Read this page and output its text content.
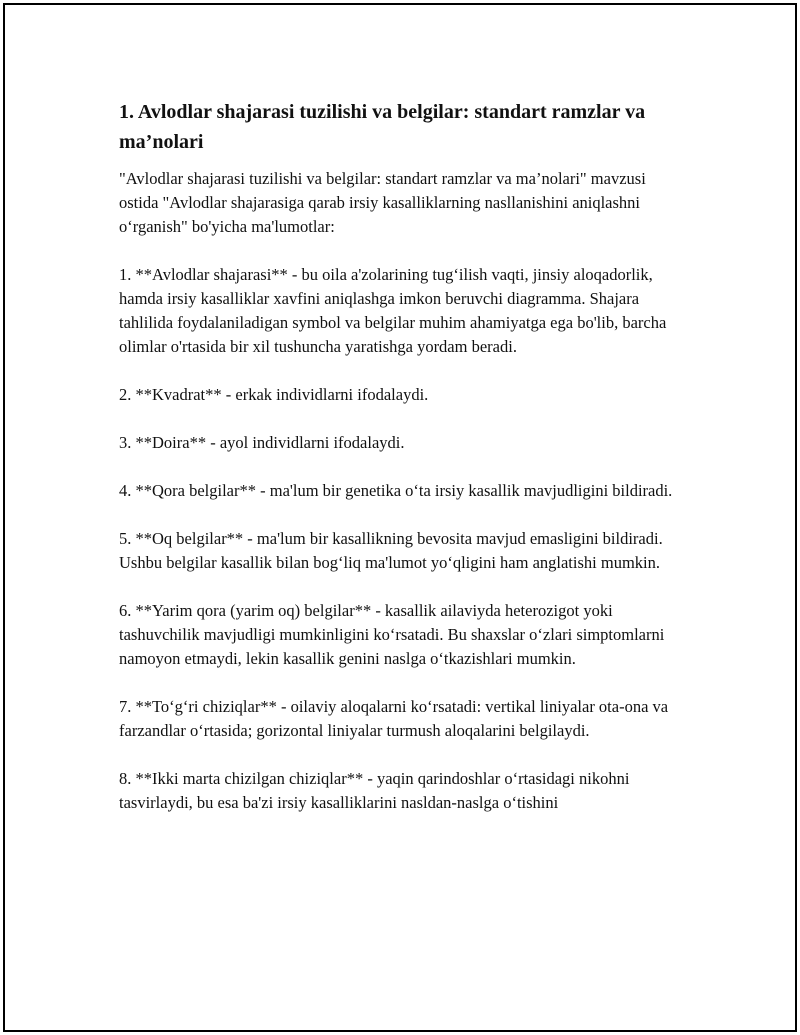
1. Avlodlar shajarasi tuzilishi va belgilar: standart ramzlar va ma’nolari

"Avlodlar shajarasi tuzilishi va belgilar: standart ramzlar va ma’nolari" mavzusi ostida "Avlodlar shajarasiga qarab irsiy kasalliklarning nasllanishini aniqlashni o‘rganish" bo'yicha ma'lumotlar:

1. **Avlodlar shajarasi** - bu oila a'zolarining tug‘ilish vaqti, jinsiy aloqadorlik, hamda irsiy kasalliklar xavfini aniqlashga imkon beruvchi diagramma. Shajara tahlilida foydalaniladigan symbol va belgilar muhim ahamiyatga ega bo'lib, barcha olimlar o'rtasida bir xil tushuncha yaratishga yordam beradi.

2. **Kvadrat** - erkak individlarni ifodalaydi.

3. **Doira** - ayol individlarni ifodalaydi.

4. **Qora belgilar** - ma'lum bir genetika o‘ta irsiy kasallik mavjudligini bildiradi.

5. **Oq belgilar** - ma'lum bir kasallikning bevosita mavjud emasligini bildiradi. Ushbu belgilar kasallik bilan bog‘liq ma'lumot yo‘qligini ham anglatishi mumkin.

6. **Yarim qora (yarim oq) belgilar** - kasallik ailaviyda heterozigot yoki tashuvchilik mavjudligi mumkinligini ko‘rsatadi. Bu shaxslar o‘zlari simptomlarni namoyon etmaydi, lekin kasallik genini naslga o‘tkazishlari mumkin.

7. **To‘g‘ri chiziqlar** - oilaviy aloqalarni ko‘rsatadi: vertikal liniyalar ota-ona va farzandlar o‘rtasida; gorizontal liniyalar turmush aloqalarini belgilaydi.

8. **Ikki marta chizilgan chiziqlar** - yaqin qarindoshlar o‘rtasidagi nikohni tasvirlaydi, bu esa ba'zi irsiy kasalliklarini nasldan-naslga o‘tishini
